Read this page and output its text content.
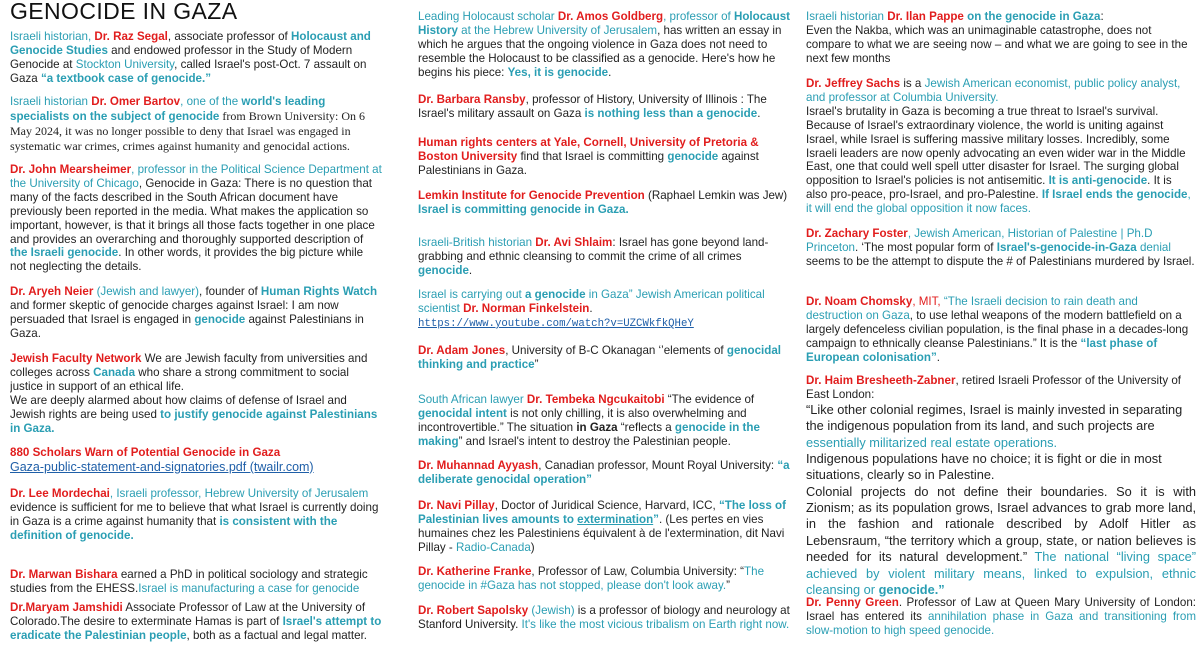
GENOCIDE IN GAZA

Israeli historian, Dr. Raz Segal, associate professor of Holocaust and Genocide Studies and endowed professor in the Study of Modern Genocide at Stockton University, called Israel's post-Oct. 7 assault on Gaza “a textbook case of genocide.”

Israeli historian Dr. Omer Bartov, one of the world's leading specialists on the subject of genocide from Brown University: On 6 May 2024, it was no longer possible to deny that Israel was engaged in systematic war crimes, crimes against humanity and genocidal actions.

Dr. John Mearsheimer, professor in the Political Science Department at the University of Chicago, Genocide in Gaza: There is no question that many of the facts described in the South African document have previously been reported in the media. What makes the application so important, however, is that it brings all those facts together in one place and provides an overarching and thoroughly supported description of the Israeli genocide. In other words, it provides the big picture while not neglecting the details.

Dr. Aryeh Neier (Jewish and lawyer), founder of Human Rights Watch and former skeptic of genocide charges against Israel: I am now persuaded that Israel is engaged in genocide against Palestinians in Gaza.

Jewish Faculty Network We are Jewish faculty from universities and colleges across Canada who share a strong commitment to social justice in support of an ethical life.
We are deeply alarmed about how claims of defense of Israel and Jewish rights are being used to justify genocide against Palestinians in Gaza.
880 Scholars Warn of Potential Genocide in Gaza
Gaza-public-statement-and-signatories.pdf (twailr.com)

Dr. Lee Mordechai, Israeli professor, Hebrew University of Jerusalem evidence is sufficient for me to believe that what Israel is currently doing in Gaza is a crime against humanity that is consistent with the definition of genocide.

Dr. Marwan Bishara earned a PhD in political sociology and strategic studies from the EHESS.Israel is manufacturing a case for genocide

Dr.Maryam Jamshidi Associate Professor of Law at the University of Colorado.The desire to exterminate Hamas is part of Israel's attempt to eradicate the Palestinian people, both as a factual and legal matter.

Leading Holocaust scholar Dr. Amos Goldberg, professor of Holocaust History at the Hebrew University of Jerusalem, has written an essay in which he argues that the ongoing violence in Gaza does not need to resemble the Holocaust to be classified as a genocide. Here's how he begins his piece: Yes, it is genocide.

Dr. Barbara Ransby, professor of History, University of Illinois : The Israel's military assault on Gaza is nothing less than a genocide.

Human rights centers at Yale, Cornell, University of Pretoria & Boston University find that Israel is committing genocide against Palestinians in Gaza.

Lemkin Institute for Genocide Prevention (Raphael Lemkin was Jew)
Israel is committing genocide in Gaza.

Israeli-British historian Dr. Avi Shlaim: Israel has gone beyond land-grabbing and ethnic cleansing to commit the crime of all crimes genocide.

Israel is carrying out a genocide in Gaza” Jewish American political scientist Dr. Norman Finkelstein.
https://www.youtube.com/watch?v=UZCWkfkQHeY

Dr. Adam Jones, University of B-C Okanagan ‘’elements of genocidal thinking and practice”

South African lawyer Dr. Tembeka Ngcukaitobi “The evidence of genocidal intent is not only chilling, it is also overwhelming and incontrovertible.” The situation in Gaza “reflects a genocide in the making” and Israel's intent to destroy the Palestinian people.

Dr. Muhannad Ayyash, Canadian professor, Mount Royal University: “a deliberate genocidal operation”

Dr. Navi Pillay, Doctor of Juridical Science, Harvard, ICC, “The loss of Palestinian lives amounts to extermination”. (Les pertes en vies humaines chez les Palestiniens équivalent à de l'extermination, dit Navi Pillay - Radio-Canada)

Dr. Katherine Franke, Professor of Law, Columbia University: “The genocide in #Gaza has not stopped, please don't look away.”

Dr. Robert Sapolsky (Jewish) is a professor of biology and neurology at Stanford University. It's like the most vicious tribalism on Earth right now.

Israeli historian Dr. Ilan Pappe on the genocide in Gaza:
Even the Nakba, which was an unimaginable catastrophe, does not compare to what we are seeing now – and what we are going to see in the next few months
Dr. Jeffrey Sachs is a Jewish American economist, public policy analyst, and professor at Columbia University.
Israel's brutality in Gaza is becoming a true threat to Israel's survival. Because of Israel's extraordinary violence, the world is uniting against Israel, while Israel is suffering massive military losses. Incredibly, some Israeli leaders are now openly advocating an even wider war in the Middle East, one that could well spell utter disaster for Israel. The surging global opposition to Israel's policies is not antisemitic. It is anti-genocide. It is also pro-peace, pro-Israel, and pro-Palestine. If Israel ends the genocide, it will end the global opposition it now faces.

Dr. Zachary Foster, Jewish American, Historian of Palestine | Ph.D Princeton. ‘The most popular form of Israel's-genocide-in-Gaza denial seems to be the attempt to dispute the # of Palestinians murdered by Israel.

Dr. Noam Chomsky, MIT, “The Israeli decision to rain death and destruction on Gaza, to use lethal weapons of the modern battlefield on a largely defenceless civilian population, is the final phase in a decades-long campaign to ethnically cleanse Palestinians.” It is the “last phase of European colonisation”.

Dr. Haim Bresheeth-Zabner, retired Israeli Professor of the University of East London:
“Like other colonial regimes, Israel is mainly invested in separating the indigenous population from its land, and such projects are essentially militarized real estate operations.
Indigenous populations have no choice; it is fight or die in most situations, clearly so in Palestine.
Colonial projects do not define their boundaries. So it is with Zionism; as its population grows, Israel advances to grab more land, in the fashion and rationale described by Adolf Hitler as Lebensraum, “the territory which a group, state, or nation believes is needed for its natural development.” The national “living space” achieved by violent military means, linked to expulsion, ethnic cleansing or genocide.”

Dr. Penny Green. Professor of Law at Queen Mary University of London: Israel has entered its annihilation phase in Gaza and transitioning from slow-motion to high speed genocide.
